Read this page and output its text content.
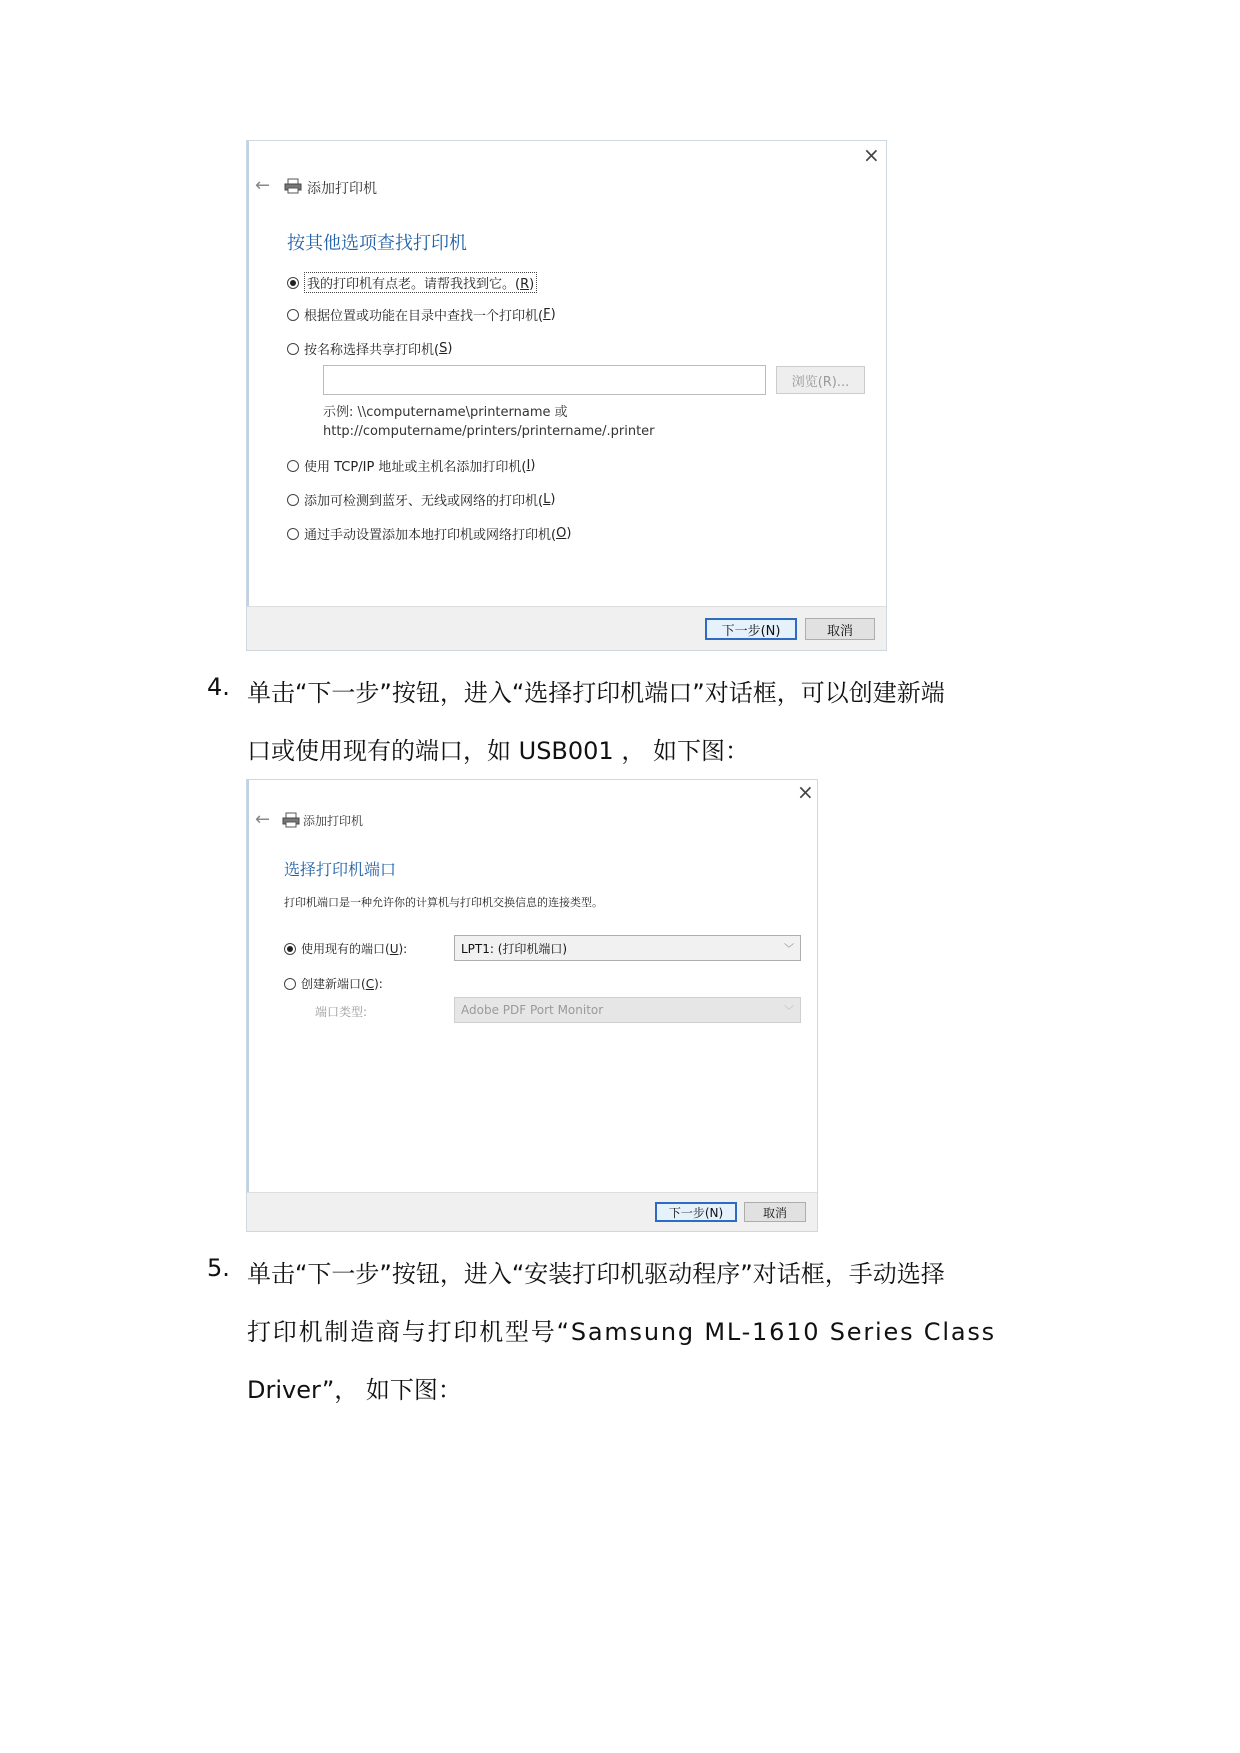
×
←	添加打印机
按其他选项查找打印机
我的打印机有点老。请帮我找到它。(R)
根据位置或功能在目录中查找一个打印机( F )
按名称选择共享打印机( S )
浏览(R)...
示例: \\computername\printername 或
http://computername/printers/printername/.printer
使用 TCP/IP 地址或主机名添加打印机( I )
添加可检测到蓝牙、无线或网络的打印机( L )
通过手动设置添加本地打印机或网络打印机( O )
下一步(N)	取消
4. 单击“下一步”按钮，进入“选择打印机端口”对话框，可以创建新端
口或使用现有的端口，如 USB001 ， 如下图：
×
←	添加打印机
选择打印机端口
打印机端口是一种允许你的计算机与打印机交换信息的连接类型。
使用现有的端口( U ):	LPT1: (打印机端口)	﹀
创建新端口( C ):
端口类型:	Adobe PDF Port Monitor	﹀
下一步(N)	取消
5. 单击“下一步”按钮，进入“安装打印机驱动程序”对话框，手动选择
打印机制造商与打印机型号“Samsung ML-1610 Series Class
Driver”， 如下图：
